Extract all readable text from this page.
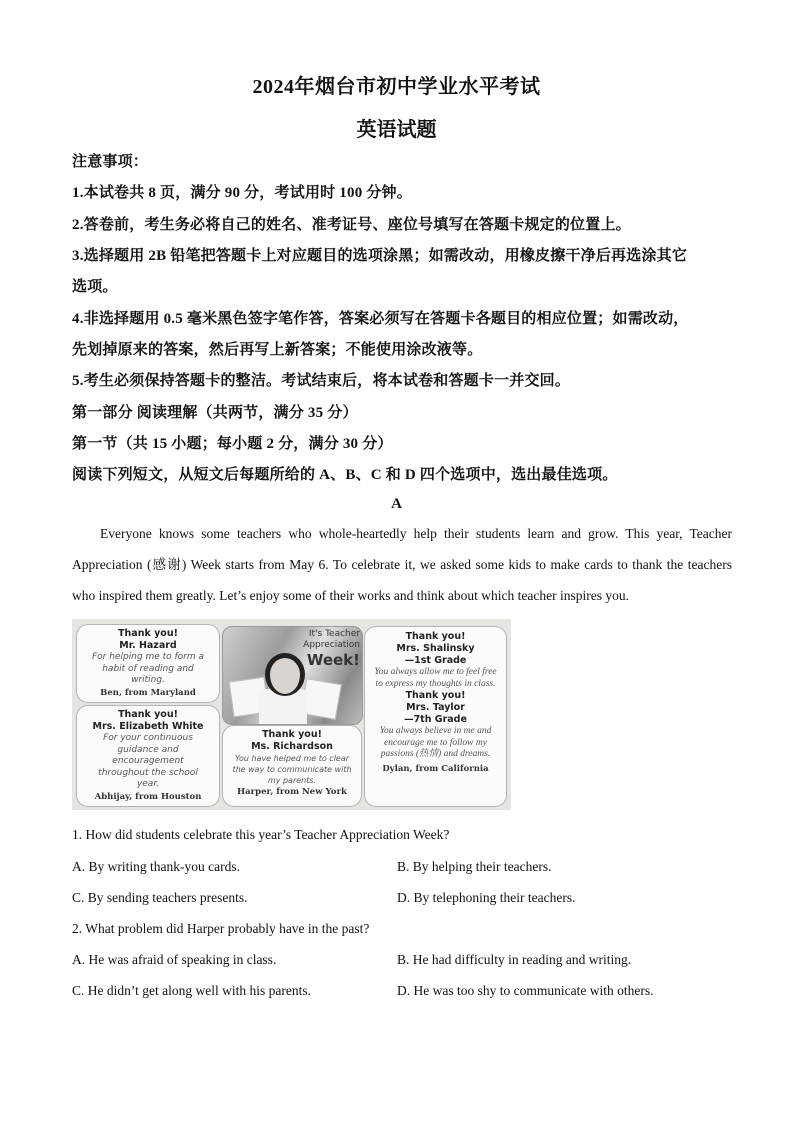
2024年烟台市初中学业水平考试
英语试题
注意事项：
1.本试卷共 8 页，满分 90 分，考试用时 100 分钟。
2.答卷前，考生务必将自己的姓名、准考证号、座位号填写在答题卡规定的位置上。
3.选择题用 2B 铅笔把答题卡上对应题目的选项涂黑；如需改动，用橡皮擦干净后再选涂其它
选项。
4.非选择题用 0.5 毫米黑色签字笔作答，答案必须写在答题卡各题目的相应位置；如需改动，
先划掉原来的答案，然后再写上新答案；不能使用涂改液等。
5.考生必须保持答题卡的整洁。考试结束后，将本试卷和答题卡一并交回。
第一部分 阅读理解（共两节，满分 35 分）
第一节（共 15 小题；每小题 2 分，满分 30 分）
阅读下列短文，从短文后每题所给的 A、B、C 和 D 四个选项中，选出最佳选项。
A
Everyone knows some teachers who whole-heartedly help their students learn and grow. This year, Teacher Appreciation (感谢) Week starts from May 6. To celebrate it, we asked some kids to make cards to thank the teachers who inspired them greatly. Let’s enjoy some of their works and think about which teacher inspires you.
Thank you!
Mr. Hazard
For helping me to form a habit of reading and writing.
Ben, from Maryland
Thank you!
Mrs. Elizabeth White
For your continuous guidance and encouragement throughout the school year.
Abhijay, from Houston
It's Teacher
Appreciation
Week!
Thank you!
Ms. Richardson
You have helped me to clear the way to communicate with my parents.
Harper, from New York
Thank you!
Mrs. Shalinsky
—1st Grade
You always allow me to feel free to express my thoughts in class.
Thank you!
Mrs. Taylor
—7th Grade
You always believe in me and encourage me to follow my passions (热情) and dreams.
Dylan, from California
1. How did students celebrate this year’s Teacher Appreciation Week?
A. By writing thank-you cards.	B. By helping their teachers.
C. By sending teachers presents.	D. By telephoning their teachers.
2. What problem did Harper probably have in the past?
A. He was afraid of speaking in class.	B. He had difficulty in reading and writing.
C. He didn’t get along well with his parents.	D. He was too shy to communicate with others.
